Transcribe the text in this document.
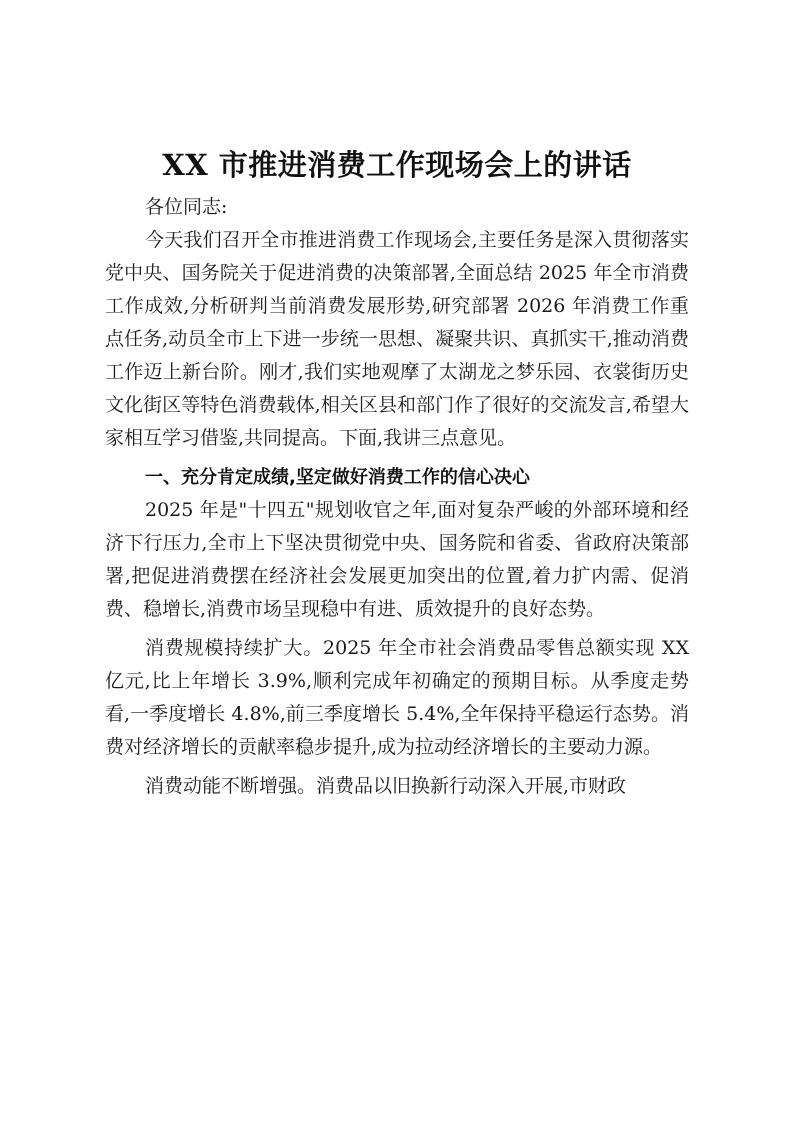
XX 市推进消费工作现场会上的讲话

各位同志:

今天我们召开全市推进消费工作现场会,主要任务是深入贯彻落实党中央、国务院关于促进消费的决策部署,全面总结 2025 年全市消费工作成效,分析研判当前消费发展形势,研究部署 2026 年消费工作重点任务,动员全市上下进一步统一思想、凝聚共识、真抓实干,推动消费工作迈上新台阶。刚才,我们实地观摩了太湖龙之梦乐园、衣裳街历史文化街区等特色消费载体,相关区县和部门作了很好的交流发言,希望大家相互学习借鉴,共同提高。下面,我讲三点意见。

一、充分肯定成绩,坚定做好消费工作的信心决心

2025 年是"十四五"规划收官之年,面对复杂严峻的外部环境和经济下行压力,全市上下坚决贯彻党中央、国务院和省委、省政府决策部署,把促进消费摆在经济社会发展更加突出的位置,着力扩内需、促消费、稳增长,消费市场呈现稳中有进、质效提升的良好态势。

消费规模持续扩大。2025 年全市社会消费品零售总额实现 XX 亿元,比上年增长 3.9%,顺利完成年初确定的预期目标。从季度走势看,一季度增长 4.8%,前三季度增长 5.4%,全年保持平稳运行态势。消费对经济增长的贡献率稳步提升,成为拉动经济增长的主要动力源。

消费动能不断增强。消费品以旧换新行动深入开展,市财政
